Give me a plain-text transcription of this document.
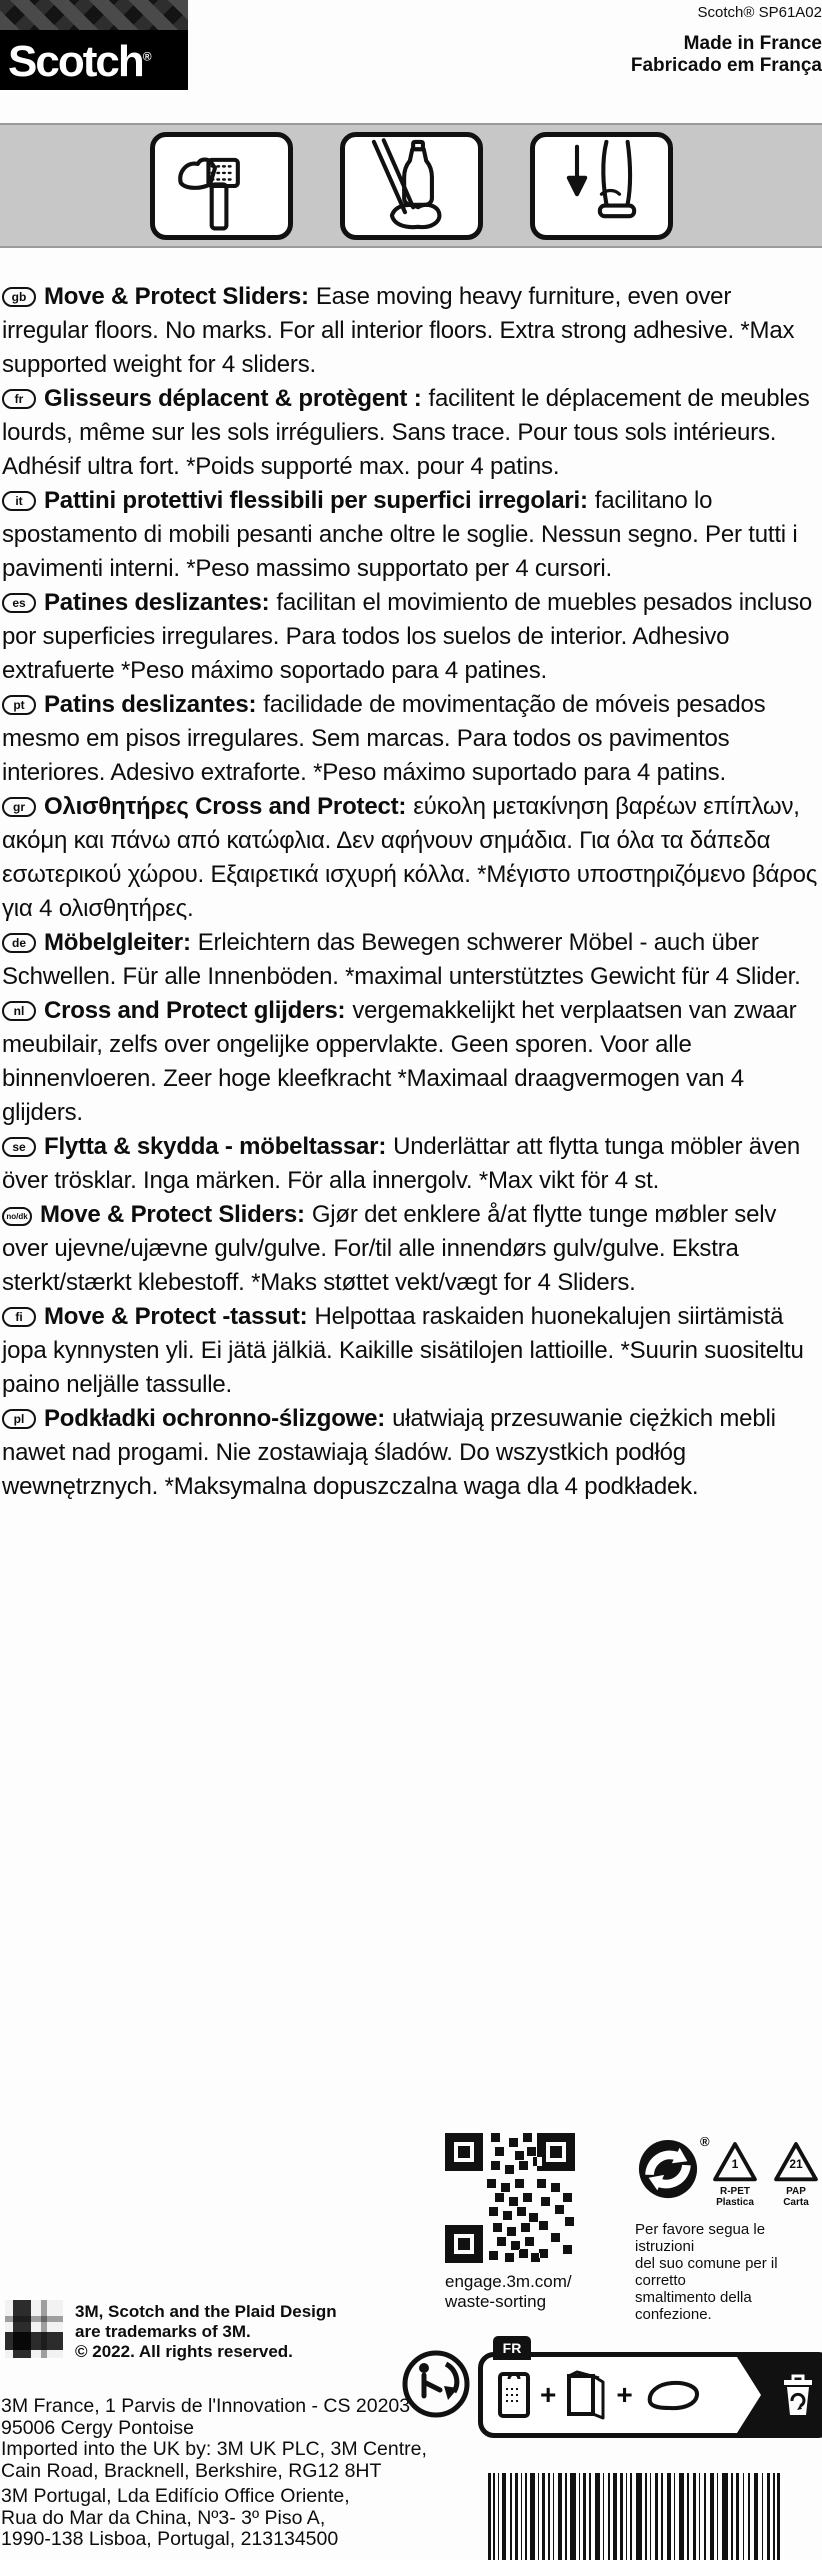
Scotch®
Scotch® SP61A02
Made in France
Fabricado em França

gb Move & Protect Sliders: Ease moving heavy furniture, even over irregular floors. No marks. For all interior floors. Extra strong adhesive. *Max supported weight for 4 sliders.

fr Glisseurs déplacent & protègent : facilitent le déplacement de meubles lourds, même sur les sols irréguliers. Sans trace. Pour tous sols intérieurs. Adhésif ultra fort. *Poids supporté max. pour 4 patins.

it Pattini protettivi flessibili per superfici irregolari: facilitano lo spostamento di mobili pesanti anche oltre le soglie. Nessun segno. Per tutti i pavimenti interni. *Peso massimo supportato per 4 cursori.

es Patines deslizantes: facilitan el movimiento de muebles pesados incluso por superficies irregulares. Para todos los suelos de interior. Adhesivo extrafuerte *Peso máximo soportado para 4 patines.

pt Patins deslizantes: facilidade de movimentação de móveis pesados mesmo em pisos irregulares. Sem marcas. Para todos os pavimentos interiores. Adesivo extraforte. *Peso máximo suportado para 4 patins.

gr Ολισθητήρες Cross and Protect: εύκολη μετακίνηση βαρέων επίπλων, ακόμη και πάνω από κατώφλια. Δεν αφήνουν σημάδια. Για όλα τα δάπεδα εσωτερικού χώρου. Εξαιρετικά ισχυρή κόλλα. *Μέγιστο υποστηριζόμενο βάρος για 4 ολισθητήρες.

de Möbelgleiter: Erleichtern das Bewegen schwerer Möbel - auch über Schwellen. Für alle Innenböden. *maximal unterstütztes Gewicht für 4 Slider.

nl Cross and Protect glijders: vergemakkelijkt het verplaatsen van zwaar meubilair, zelfs over ongelijke oppervlakte. Geen sporen. Voor alle binnenvloeren. Zeer hoge kleefkracht *Maximaal draagvermogen van 4 glijders.

se Flytta & skydda - möbeltassar: Underlättar att flytta tunga möbler även över trösklar. Inga märken. För alla innergolv. *Max vikt för 4 st.

no/dk Move & Protect Sliders: Gjør det enklere å/at flytte tunge møbler selv over ujevne/ujævne gulv/gulve. For/til alle innendørs gulv/gulve. Ekstra sterkt/stærkt klebestoff. *Maks støttet vekt/vægt for 4 Sliders.

fi Move & Protect -tassut: Helpottaa raskaiden huonekalujen siirtämistä jopa kynnysten yli. Ei jätä jälkiä. Kaikille sisätilojen lattioille. *Suurin suositeltu paino neljälle tassulle.

pl Podkładki ochronno-ślizgowe: ułatwiają przesuwanie ciężkich mebli nawet nad progami. Nie zostawiają śladów. Do wszystkich podłóg wewnętrznych. *Maksymalna dopuszczalna waga dla 4 podkładek.

engage.3m.com/
waste-sorting
®
1
R-PET
Plastica
21
PAP
Carta
Per favore segua le istruzioni
del suo comune per il corretto
smaltimento della confezione.
3M, Scotch and the Plaid Design
are trademarks of 3M.
© 2022. All rights reserved.
3M France, 1 Parvis de l'Innovation - CS 20203
95006 Cergy Pontoise
Imported into the UK by: 3M UK PLC, 3M Centre,
Cain Road, Bracknell, Berkshire, RG12 8HT
3M Portugal, Lda Edifício Office Oriente,
Rua do Mar da China, Nº3- 3º Piso A,
1990-138 Lisboa, Portugal, 213134500
FR
+ +
